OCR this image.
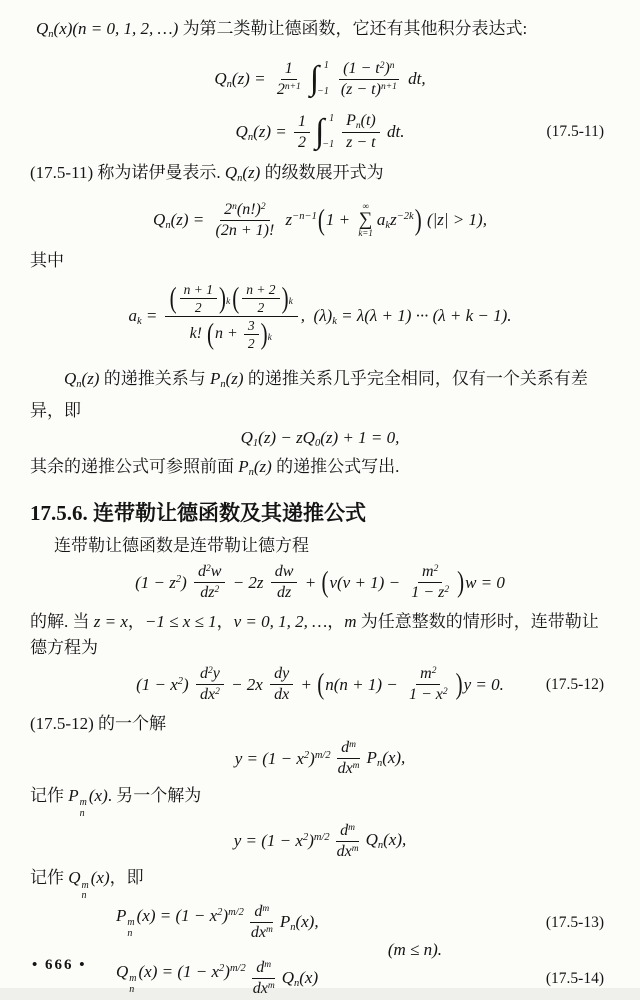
$Q_n(x)(n = 0$, 1, 2, …) 为第二类勒让德函数，它还有其他积分表达式:

$Q_n(z) = \frac{1}{2^{n+1}}$ ∫ 1
$-1 \frac{(1 - t^2)^n}{(z - t)^{n+1}}$ dt,
$Q_n(z) = \frac{1}{2}$ ∫ 1
$-1 \frac{P_n(t)}{z - t}$ dt.	(17.5-11)

(17.5-11) 称为诺伊曼表示. $Q_n(z)$ 的级数展开式为

$Q_n(z) = \frac{2^n(n!)^2}{(2n + 1)!} z^{-n-1}$ ( 1 +
∞
∑
k=1
$a_kz^{-2k}$ ) (|z| > 1),

其中

$a_k = \frac{( \frac{n + 1}{2} ) k ( \frac{n + 2}{2} ) k}{k! ( n + \frac{3}{2} ) k}$ ,  $(\lambda)_k = \lambda(\lambda + 1)$ ··· (λ + k − 1).

$Q_n(z)$ 的递推关系与 $P_n(z)$ 的递推关系几乎完全相同，仅有一个关系有差异，即

$Q_1(z) - zQ_0(z) + 1 = 0$,

其余的递推公式可参照前面 $P_n(z)$ 的递推公式写出.

17.5.6. 连带勒让德函数及其递推公式

连带勒让德函数是连带勒让德方程

$(1 - z^2) \frac{d^2w}{dz^2} - 2z \frac{dw}{dz}$ + ( $\nu(\nu + 1) - \frac{m^2}{1 - z^2}$ ) w = 0

的解. 当 z = x，−1 ≤ x ≤ 1，ν = 0, 1, 2, …，m 为任意整数的情形时，连带勒让德方程为

$(1 - x^2) \frac{d^2y}{dx^2} - 2x \frac{dy}{dx}$ + ( $n(n + 1) - \frac{m^2}{1 - x^2}$ ) y = 0.	(17.5-12)

(17.5-12) 的一个解

$y = (1 - x^2)^{m/2} \frac{d^m}{dx^m} P_n(x)$,

记作 P m
n
(x). 另一个解为

$y = (1 - x^2)^{m/2} \frac{d^m}{dx^m} Q_n(x)$,

记作 Q m
n
(x)，即

P m
n
$(x) = (1 - x^2)^{m/2} \frac{d^m}{dx^m} P_n(x)$,	(17.5-13)
(m ≤ n).
Q m
n
$(x) = (1 - x^2)^{m/2} \frac{d^m}{dx^m} Q_n(x)$	(17.5-14)
• 666 •
